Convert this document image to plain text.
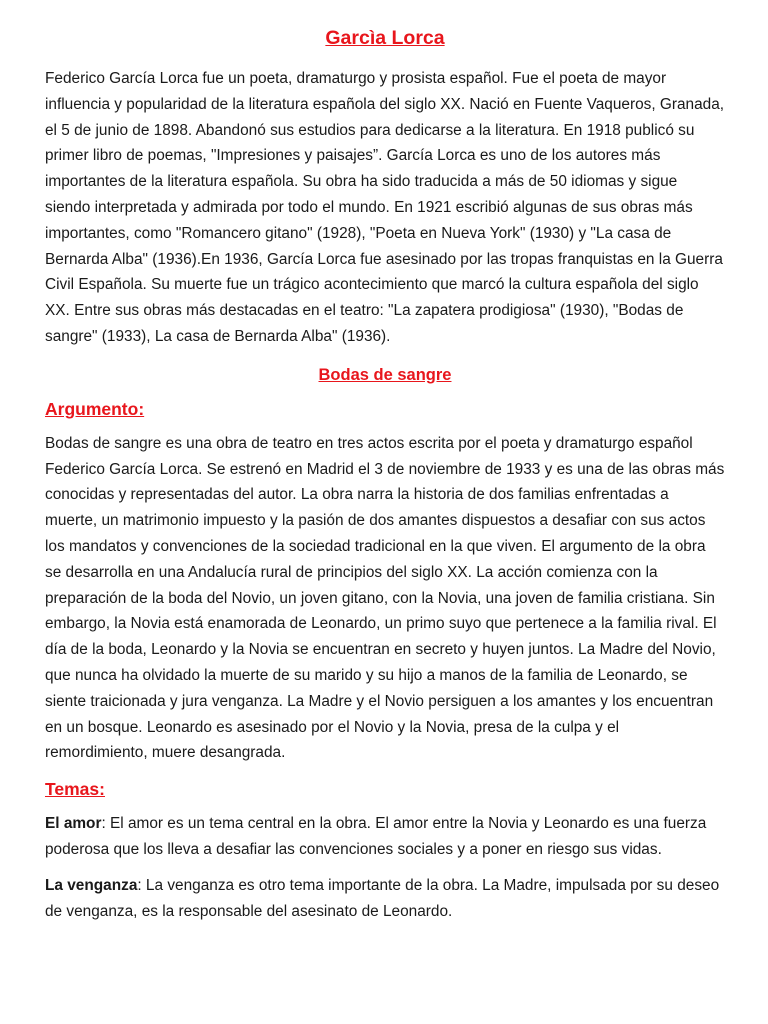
Garcìa Lorca

Federico García Lorca fue un poeta, dramaturgo y prosista español. Fue el poeta de mayor influencia y popularidad de la literatura española del siglo XX. Nació en Fuente Vaqueros, Granada, el 5 de junio de 1898. Abandonó sus estudios para dedicarse a la literatura. En 1918 publicó su primer libro de poemas, "Impresiones y paisajes”. García Lorca es uno de los autores más importantes de la literatura española. Su obra ha sido traducida a más de 50 idiomas y sigue siendo interpretada y admirada por todo el mundo. En 1921 escribió algunas de sus obras más importantes, como "Romancero gitano" (1928), "Poeta en Nueva York" (1930) y "La casa de Bernarda Alba" (1936).En 1936, García Lorca fue asesinado por las tropas franquistas en la Guerra Civil Española. Su muerte fue un trágico acontecimiento que marcó la cultura española del siglo XX. Entre sus obras más destacadas en el teatro: "La zapatera prodigiosa" (1930), "Bodas de sangre" (1933), La casa de Bernarda Alba" (1936).

Bodas de sangre
Argumento:

Bodas de sangre es una obra de teatro en tres actos escrita por el poeta y dramaturgo español Federico García Lorca. Se estrenó en Madrid el 3 de noviembre de 1933 y es una de las obras más conocidas y representadas del autor. La obra narra la historia de dos familias enfrentadas a muerte, un matrimonio impuesto y la pasión de dos amantes dispuestos a desafiar con sus actos los mandatos y convenciones de la sociedad tradicional en la que viven. El argumento de la obra se desarrolla en una Andalucía rural de principios del siglo XX. La acción comienza con la preparación de la boda del Novio, un joven gitano, con la Novia, una joven de familia cristiana. Sin embargo, la Novia está enamorada de Leonardo, un primo suyo que pertenece a la familia rival. El día de la boda, Leonardo y la Novia se encuentran en secreto y huyen juntos. La Madre del Novio, que nunca ha olvidado la muerte de su marido y su hijo a manos de la familia de Leonardo, se siente traicionada y jura venganza. La Madre y el Novio persiguen a los amantes y los encuentran en un bosque. Leonardo es asesinado por el Novio y la Novia, presa de la culpa y el remordimiento, muere desangrada.

Temas:

El amor: El amor es un tema central en la obra. El amor entre la Novia y Leonardo es una fuerza poderosa que los lleva a desafiar las convenciones sociales y a poner en riesgo sus vidas.

La venganza: La venganza es otro tema importante de la obra. La Madre, impulsada por su deseo de venganza, es la responsable del asesinato de Leonardo.
